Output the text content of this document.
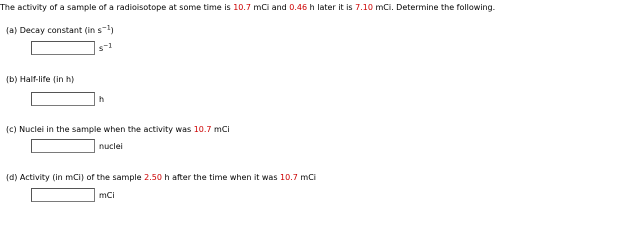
The activity of a sample of a radioisotope at some time is 10.7 mCi and 0.46 h later it is 7.10 mCi. Determine the following.
(a) Decay constant (in $s^{-1}$)
$s^{-1}$
(b) Half-life (in h)
h
(c) Nuclei in the sample when the activity was 10.7 mCi
nuclei
(d) Activity (in mCi) of the sample 2.50 h after the time when it was 10.7 mCi
mCi
